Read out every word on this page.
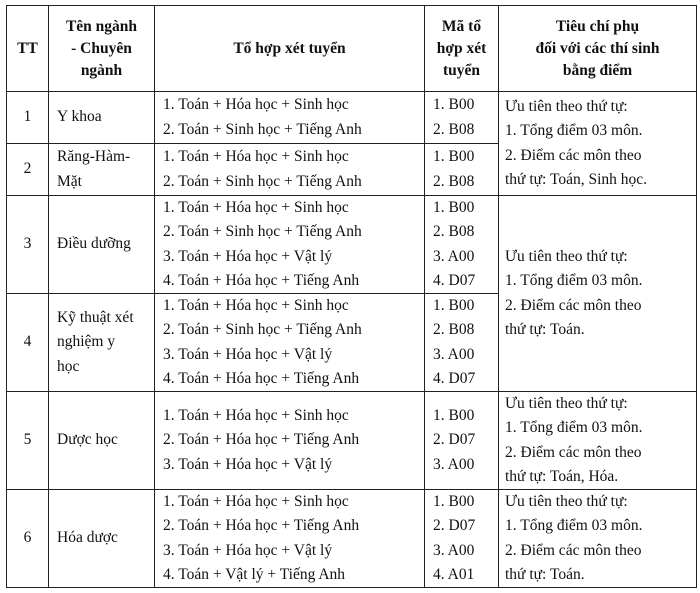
TT	Tên ngành
- Chuyên
ngành	Tổ hợp xét tuyển	Mã tổ
hợp xét
tuyển	Tiêu chí phụ
đối với các thí sinh
bằng điểm

1	Y khoa	1. Toán + Hóa học + Sinh học
2. Toán + Sinh học + Tiếng Anh	1. B00
2. B08	Ưu tiên theo thứ tự:
1. Tổng điểm 03 môn.
2. Điểm các môn theo
thứ tự: Toán, Sinh học.

2	Răng-Hàm-
Mặt	1. Toán + Hóa học + Sinh học
2. Toán + Sinh học + Tiếng Anh	1. B00
2. B08	

3	Điều dưỡng	1. Toán + Hóa học + Sinh học
2. Toán + Sinh học + Tiếng Anh
3. Toán + Hóa học + Vật lý
4. Toán + Hóa học + Tiếng Anh	1. B00
2. B08
3. A00
4. D07	Ưu tiên theo thứ tự:
1. Tổng điểm 03 môn.
2. Điểm các môn theo
thứ tự: Toán.

4	Kỹ thuật xét
nghiệm y
học	1. Toán + Hóa học + Sinh học
2. Toán + Sinh học + Tiếng Anh
3. Toán + Hóa học + Vật lý
4. Toán + Hóa học + Tiếng Anh	1. B00
2. B08
3. A00
4. D07	

5	Dược học	1. Toán + Hóa học + Sinh học
2. Toán + Hóa học + Tiếng Anh
3. Toán + Hóa học + Vật lý	1. B00
2. D07
3. A00	Ưu tiên theo thứ tự:
1. Tổng điểm 03 môn.
2. Điểm các môn theo
thứ tự: Toán, Hóa.

6	Hóa dược	1. Toán + Hóa học + Sinh học
2. Toán + Hóa học + Tiếng Anh
3. Toán + Hóa học + Vật lý
4. Toán + Vật lý + Tiếng Anh	1. B00
2. D07
3. A00
4. A01	Ưu tiên theo thứ tự:
1. Tổng điểm 03 môn.
2. Điểm các môn theo
thứ tự: Toán.
